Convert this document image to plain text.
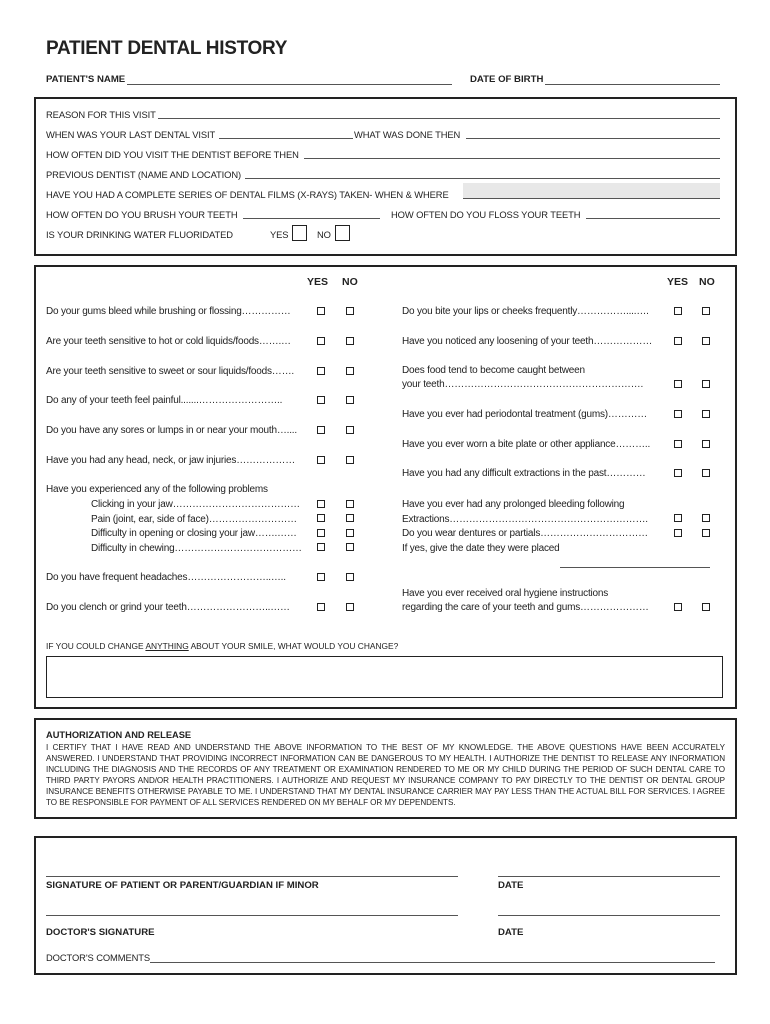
PATIENT DENTAL HISTORY
PATIENT'S NAME	DATE OF BIRTH
REASON FOR THIS VISIT
WHEN WAS YOUR LAST DENTAL VISIT	WHAT WAS DONE THEN
HOW OFTEN DID YOU VISIT THE DENTIST BEFORE THEN
PREVIOUS DENTIST (NAME AND LOCATION)
HAVE YOU HAD A COMPLETE SERIES OF DENTAL FILMS (X-RAYS) TAKEN- WHEN & WHERE
HOW OFTEN DO YOU BRUSH YOUR TEETH	HOW OFTEN DO YOU FLOSS YOUR TEETH
IS YOUR DRINKING WATER FLUORIDATED	YES	NO
YES NO	YES NO
Do your gums bleed while brushing or flossing……………
Are your teeth sensitive to hot or cold liquids/foods…….…
Are your teeth sensitive to sweet or sour liquids/foods…….
Do any of your teeth feel painful.......……………………..
Do you have any sores or lumps in or near your mouth…....
Have you had any head, neck, or jaw injuries………………
Have you experienced any of the following problems
Clicking in your jaw…………………………………
Pain (joint, ear, side of face)………………………
Difficulty in opening or closing your jaw…….……
Difficulty in chewing…………………………………
Do you have frequent headaches……………………..…..
Do you clench or grind your teeth……………………..……
Do you bite your lips or cheeks frequently……………....….
Have you noticed any loosening of your teeth………………
Does food tend to become caught between
your teeth…………………………………………………….
Have you ever had periodontal treatment (gums)…………
Have you ever worn a bite plate or other appliance………..
Have you had any difficult extractions in the past…………
Have you ever had any prolonged bleeding following
Extractions…………………………………………………….
Do you wear dentures or partials……………………………
If yes, give the date they were placed
Have you ever received oral hygiene instructions
regarding the care of your teeth and gums…………………
IF YOU COULD CHANGE ANYTHING ABOUT YOUR SMILE, WHAT WOULD YOU CHANGE?
AUTHORIZATION AND RELEASE
I CERTIFY THAT I HAVE READ AND UNDERSTAND THE ABOVE INFORMATION TO THE BEST OF MY KNOWLEDGE. THE ABOVE QUESTIONS HAVE BEEN ACCURATELY ANSWERED. I UNDERSTAND THAT PROVIDING INCORRECT INFORMATION CAN BE DANGEROUS TO MY HEALTH. I AUTHORIZE THE DENTIST TO RELEASE ANY INFORMATION INCLUDING THE DIAGNOSIS AND THE RECORDS OF ANY TREATMENT OR EXAMINATION RENDERED TO ME OR MY CHILD DURING THE PERIOD OF SUCH DENTAL CARE TO THIRD PARTY PAYORS AND/OR HEALTH PRACTITIONERS. I AUTHORIZE AND REQUEST MY INSURANCE COMPANY TO PAY DIRECTLY TO THE DENTIST OR DENTAL GROUP INSURANCE BENEFITS OTHERWISE PAYABLE TO ME. I UNDERSTAND THAT MY DENTAL INSURANCE CARRIER MAY PAY LESS THAN THE ACTUAL BILL FOR SERVICES. I AGREE TO BE RESPONSIBLE FOR PAYMENT OF ALL SERVICES RENDERED ON MY BEHALF OR MY DEPENDENTS.
SIGNATURE OF PATIENT OR PARENT/GUARDIAN IF MINOR	DATE
DOCTOR'S SIGNATURE	DATE
DOCTOR'S COMMENTS
